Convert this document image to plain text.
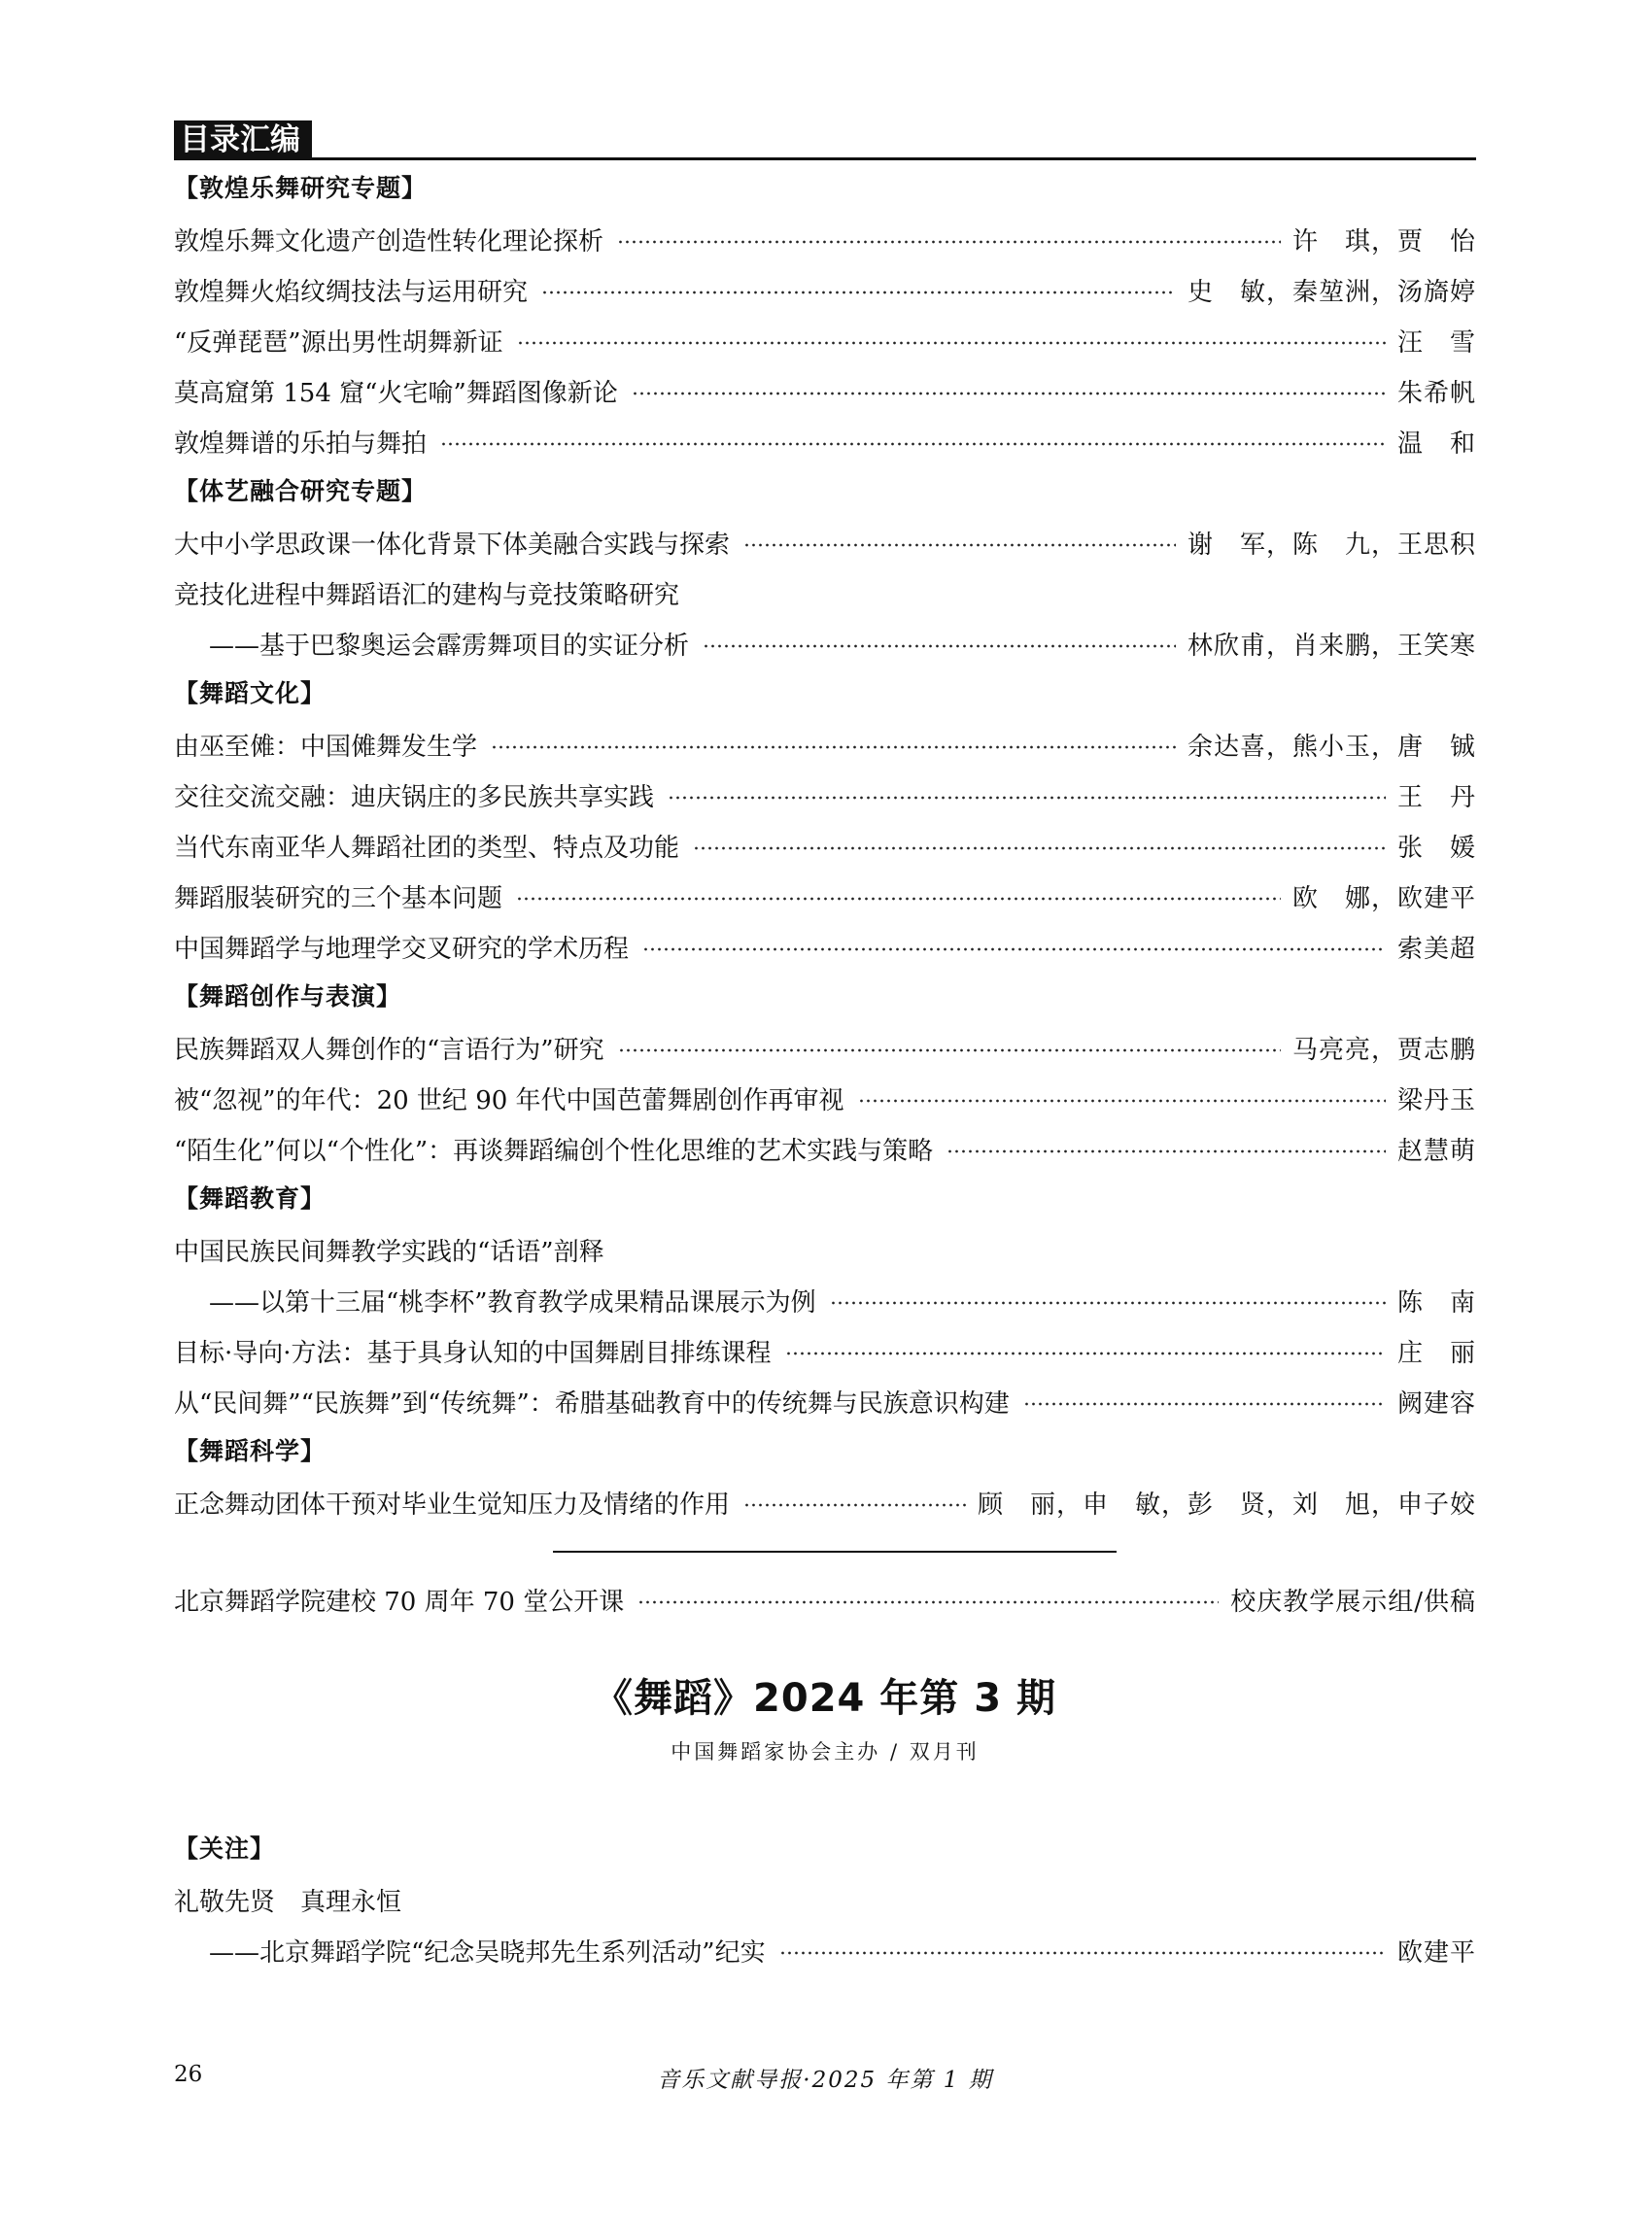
目录汇编
【敦煌乐舞研究专题】
敦煌乐舞文化遗产创造性转化理论探析	许　琪，贾　怡
敦煌舞火焰纹绸技法与运用研究	史　敏，秦堃洲，汤旖婷
“反弹琵琶”源出男性胡舞新证	汪　雪
莫高窟第 154 窟“火宅喻”舞蹈图像新论	朱希帆
敦煌舞谱的乐拍与舞拍	温　和
【体艺融合研究专题】
大中小学思政课一体化背景下体美融合实践与探索	谢　军，陈　九，王思积
竞技化进程中舞蹈语汇的建构与竞技策略研究
——基于巴黎奥运会霹雳舞项目的实证分析	林欣甫，肖来鹏，王笑寒
【舞蹈文化】
由巫至傩：中国傩舞发生学	余达喜，熊小玉，唐　铖
交往交流交融：迪庆锅庄的多民族共享实践	王　丹
当代东南亚华人舞蹈社团的类型、特点及功能	张　媛
舞蹈服装研究的三个基本问题	欧　娜，欧建平
中国舞蹈学与地理学交叉研究的学术历程	索美超
【舞蹈创作与表演】
民族舞蹈双人舞创作的“言语行为”研究	马亮亮，贾志鹏
被“忽视”的年代：20 世纪 90 年代中国芭蕾舞剧创作再审视	梁丹玉
“陌生化”何以“个性化”：再谈舞蹈编创个性化思维的艺术实践与策略	赵慧萌
【舞蹈教育】
中国民族民间舞教学实践的“话语”剖释
——以第十三届“桃李杯”教育教学成果精品课展示为例	陈　南
目标·导向·方法：基于具身认知的中国舞剧目排练课程	庄　丽
从“民间舞”“民族舞”到“传统舞”：希腊基础教育中的传统舞与民族意识构建	阙建容
【舞蹈科学】
正念舞动团体干预对毕业生觉知压力及情绪的作用	顾　丽，申　敏，彭　贤，刘　旭，申子姣
北京舞蹈学院建校 70 周年 70 堂公开课	校庆教学展示组/供稿
《舞蹈》2024 年第 3 期
中国舞蹈家协会主办 / 双月刊
【关注】
礼敬先贤　真理永恒
——北京舞蹈学院“纪念吴晓邦先生系列活动”纪实	欧建平
26	音乐文献导报·2025 年第 1 期
